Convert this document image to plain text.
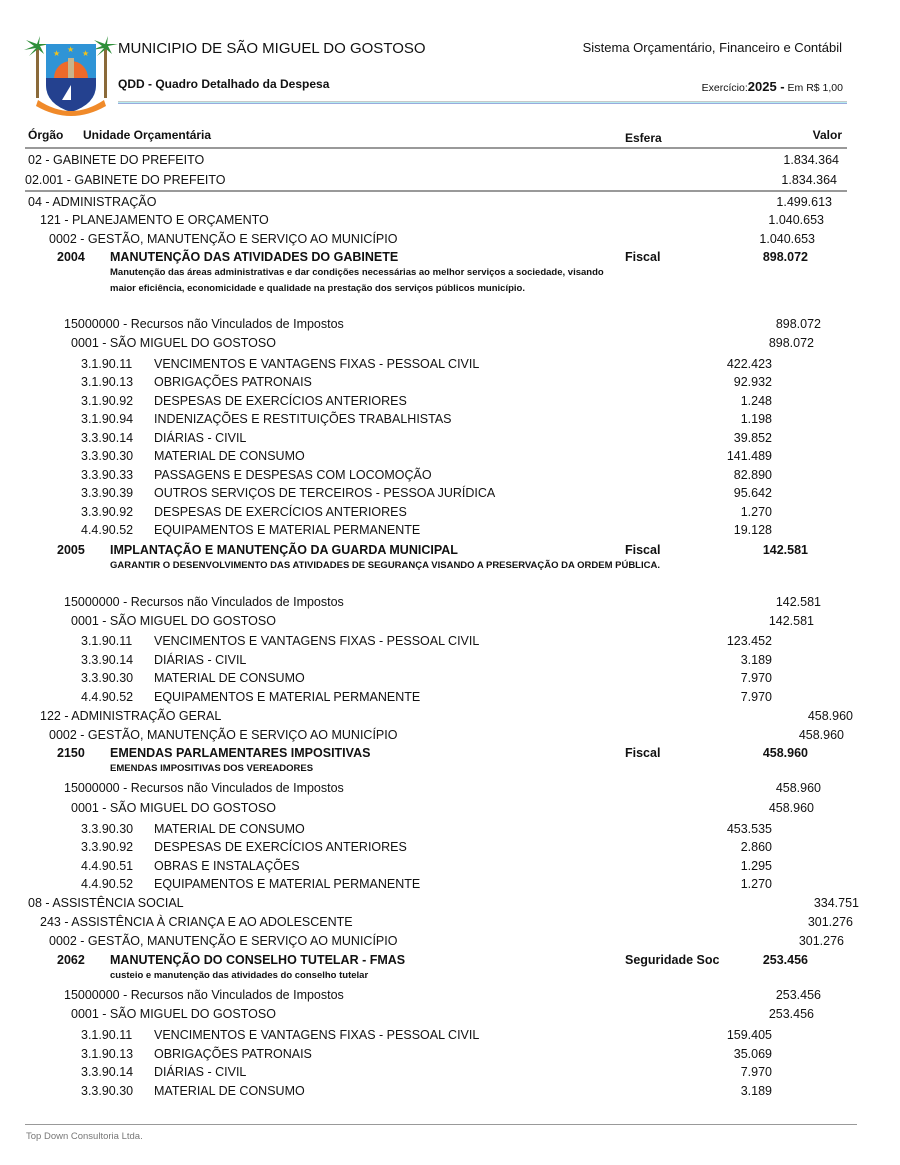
★ ★ ★ MUNICIPIO DE SÃO MIGUEL DO GOSTOSO
QDD - Quadro Detalhado da Despesa
Sistema Orçamentário, Financeiro e Contábil
Exercício:2025 - Em R$ 1,00
Órgão Unidade Orçamentária	Esfera	Valor
02 - GABINETE DO PREFEITO	1.834.364
02.001 - GABINETE DO PREFEITO	1.834.364
04 - ADMINISTRAÇÃO	1.499.613
121 - PLANEJAMENTO E ORÇAMENTO	1.040.653
0002 - GESTÃO, MANUTENÇÃO E SERVIÇO AO MUNICÍPIO	1.040.653
2004 MANUTENÇÃO DAS ATIVIDADES DO GABINETE	Fiscal	898.072
Manutenção das áreas administrativas e dar condições necessárias ao melhor serviços a sociedade, visando maior eficiência, economicidade e qualidade na prestação dos serviços públicos município.
15000000 - Recursos não Vinculados de Impostos	898.072
0001 - SÃO MIGUEL DO GOSTOSO	898.072
3.1.90.11 VENCIMENTOS E VANTAGENS FIXAS - PESSOAL CIVIL	422.423
3.1.90.13 OBRIGAÇÕES PATRONAIS	92.932
3.1.90.92 DESPESAS DE EXERCÍCIOS ANTERIORES	1.248
3.1.90.94 INDENIZAÇÕES E RESTITUIÇÕES TRABALHISTAS	1.198
3.3.90.14 DIÁRIAS - CIVIL	39.852
3.3.90.30 MATERIAL DE CONSUMO	141.489
3.3.90.33 PASSAGENS E DESPESAS COM LOCOMOÇÃO	82.890
3.3.90.39 OUTROS SERVIÇOS DE TERCEIROS - PESSOA JURÍDICA	95.642
3.3.90.92 DESPESAS DE EXERCÍCIOS ANTERIORES	1.270
4.4.90.52 EQUIPAMENTOS E MATERIAL PERMANENTE	19.128
2005 IMPLANTAÇÃO E MANUTENÇÃO DA GUARDA MUNICIPAL	Fiscal	142.581
GARANTIR O DESENVOLVIMENTO DAS ATIVIDADES DE SEGURANÇA VISANDO A PRESERVAÇÃO DA ORDEM PÚBLICA.
15000000 - Recursos não Vinculados de Impostos	142.581
0001 - SÃO MIGUEL DO GOSTOSO	142.581
3.1.90.11 VENCIMENTOS E VANTAGENS FIXAS - PESSOAL CIVIL	123.452
3.3.90.14 DIÁRIAS - CIVIL	3.189
3.3.90.30 MATERIAL DE CONSUMO	7.970
4.4.90.52 EQUIPAMENTOS E MATERIAL PERMANENTE	7.970
122 - ADMINISTRAÇÃO GERAL	458.960
0002 - GESTÃO, MANUTENÇÃO E SERVIÇO AO MUNICÍPIO	458.960
2150 EMENDAS PARLAMENTARES IMPOSITIVAS	Fiscal	458.960
EMENDAS IMPOSITIVAS DOS VEREADORES
15000000 - Recursos não Vinculados de Impostos	458.960
0001 - SÃO MIGUEL DO GOSTOSO	458.960
3.3.90.30 MATERIAL DE CONSUMO	453.535
3.3.90.92 DESPESAS DE EXERCÍCIOS ANTERIORES	2.860
4.4.90.51 OBRAS E INSTALAÇÕES	1.295
4.4.90.52 EQUIPAMENTOS E MATERIAL PERMANENTE	1.270
08 - ASSISTÊNCIA SOCIAL	334.751
243 - ASSISTÊNCIA À CRIANÇA E AO ADOLESCENTE	301.276
0002 - GESTÃO, MANUTENÇÃO E SERVIÇO AO MUNICÍPIO	301.276
2062 MANUTENÇÃO DO CONSELHO TUTELAR - FMAS	Seguridade Soc	253.456
custeio e manutenção das atividades do conselho tutelar
15000000 - Recursos não Vinculados de Impostos	253.456
0001 - SÃO MIGUEL DO GOSTOSO	253.456
3.1.90.11 VENCIMENTOS E VANTAGENS FIXAS - PESSOAL CIVIL	159.405
3.1.90.13 OBRIGAÇÕES PATRONAIS	35.069
3.3.90.14 DIÁRIAS - CIVIL	7.970
3.3.90.30 MATERIAL DE CONSUMO	3.189
Top Down Consultoria Ltda.
